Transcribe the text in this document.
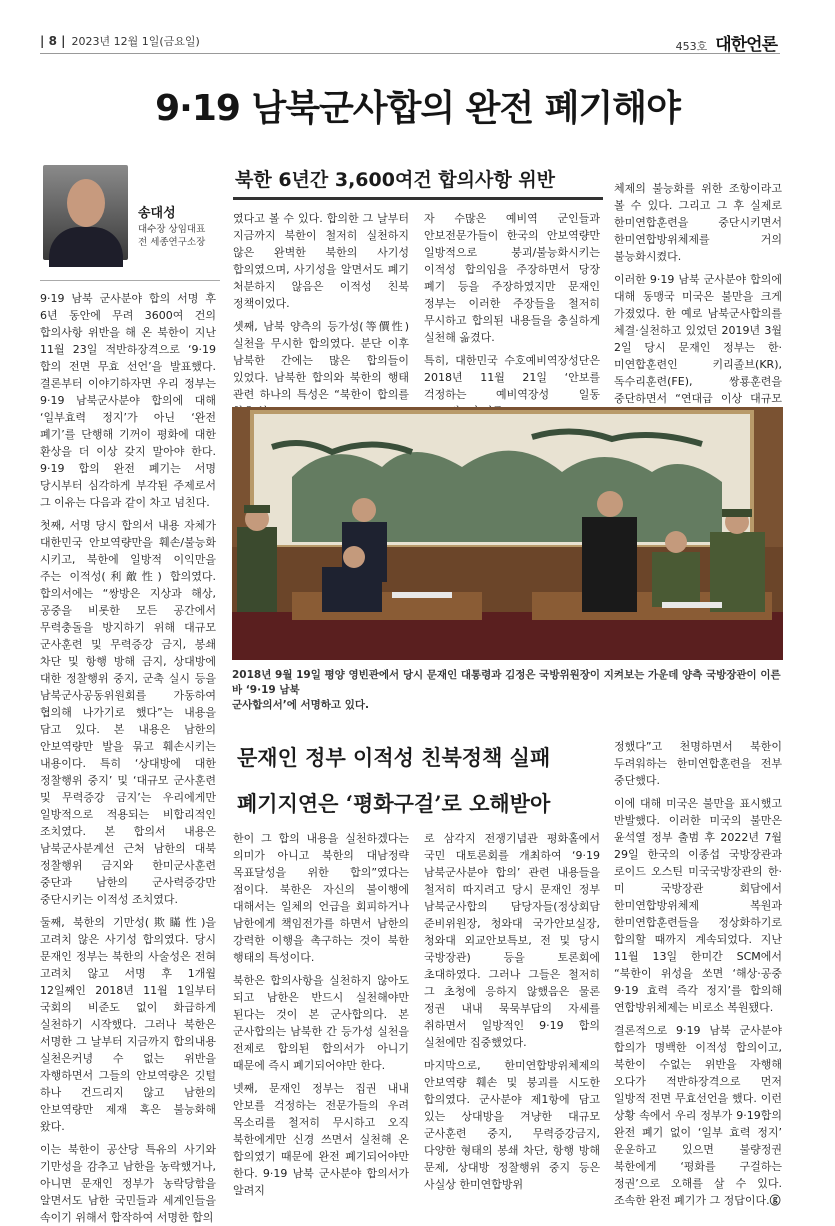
| 8 | 2023년 12월 1일(금요일)	453호 대한언론
9·19 남북군사합의 완전 폐기해야
송대성
대수장 상임대표
전 세종연구소장
북한 6년간 3,600여건 합의사항 위반

9·19 남북 군사분야 합의 서명 후 6년 동안에 무려 3600여 건의 합의사항 위반을 해 온 북한이 지난 11월 23일 적반하장격으로 ‘9·19 합의 전면 무효 선언’을 발표했다. 결론부터 이야기하자면 우리 정부는 9·19 남북군사분야 합의에 대해 ‘일부효력 정지’가 아닌 ‘완전 폐기’를 단행해 기꺼이 평화에 대한 환상을 더 이상 갖지 말아야 한다. 9·19 합의 완전 폐기는 서명 당시부터 심각하게 부각된 주제로서 그 이유는 다음과 같이 차고 넘친다.

첫째, 서명 당시 합의서 내용 자체가 대한민국 안보역량만을 훼손/불능화 시키고, 북한에 일방적 이익만을 주는 이적성(利敵性) 합의였다. 합의서에는 “쌍방은 지상과 해상, 공중을 비롯한 모든 공간에서 무력충돌을 방지하기 위해 대규모 군사훈련 및 무력증강 금지, 봉쇄 차단 및 항행 방해 금지, 상대방에 대한 정찰행위 중지, 군축 실시 등을 남북군사공동위원회를 가동하여 협의해 나가기로 했다”는 내용을 담고 있다. 본 내용은 남한의 안보역량만 발을 묶고 훼손시키는 내용이다. 특히 ‘상대방에 대한 정찰행위 중지’ 및 ‘대규모 군사훈련 및 무력증강 금지’는 우리에게만 일방적으로 적용되는 비합리적인 조치였다. 본 합의서 내용은 남북군사분계선 근처 남한의 대북 정찰행위 금지와 한미군사훈련 중단과 남한의 군사력증강만 중단시키는 이적성 조치였다.

둘째, 북한의 기만성(欺瞞性)을 고려치 않은 사기성 합의였다. 당시 문재인 정부는 북한의 사술성은 전혀 고려치 않고 서명 후 1개월 12일째인 2018년 11월 1일부터 국회의 비준도 없이 화급하게 실천하기 시작했다. 그러나 북한은 서명한 그 날부터 지금까지 합의내용 실천은커녕 수 없는 위반을 자행하면서 그들의 안보역량은 깃털 하나 건드리지 않고 남한의 안보역량만 제재 혹은 불능화해 왔다.

이는 북한이 공산당 특유의 사기와 기만성을 감추고 남한을 농락했거나, 아니면 문재인 정부가 농락당함을 알면서도 남한 국민들과 세계인들을 속이기 위해서 합작하여 서명한 합의

였다고 볼 수 있다. 합의한 그 날부터 지금까지 북한이 철저히 실천하지 않은 완벽한 북한의 사기성 합의였으며, 사기성을 알면서도 폐기 처분하지 않음은 이적성 친북 정책이었다.

셋째, 남북 양측의 등가성(等價性) 실천을 무시한 합의였다. 분단 이후 남북한 간에는 많은 합의들이 있었다. 남북한 합의와 북한의 행태 관련 하나의 특성은 “북한이 합의를

자 수많은 예비역 군인들과 안보전문가들이 한국의 안보역량만 일방적으로 붕괴/불능화시키는 이적성 합의임을 주장하면서 당장 폐기 등을 주장하였지만 문재인 정부는 이러한 주장들을 철저히 무시하고 합의된 내용들을 충실하게 실천해 옮겼다.

특히, 대한민국 수호예비역장성단은 2018년 11월 21일 ‘안보를 걱정하는 예비역장성 일동

체제의 불능화를 위한 조항이라고 볼 수 있다. 그리고 그 후 실제로 한미연합훈련을 중단시키면서 한미연합방위체제를 거의 불능화시켰다.

이러한 9·19 남북 군사분야 합의에 대해 동맹국 미국은 불만을 크게 가졌었다. 한 예로 남북군사합의를 체결·실천하고 있었던 2019년 3월 2일 당시 문재인 정부는 한·미연합훈련인 키리졸브(KR), 독수리훈련(FE), 쌍룡훈련을 중단하면서 “연대급 이상 대규모

2018년 9월 19일 평양 영빈관에서 당시 문재인 대통령과 김정은 국방위원장이 지켜보는 가운데 양측 국방장관이 이른바 ‘9·19 남북
군사합의서’에 서명하고 있다.
문재인 정부 이적성 친북정책 실패
폐기지연은 ‘평화구걸’로 오해받아

한이 그 합의 내용을 실천하겠다는 의미가 아니고 북한의 대남정략 목표달성을 위한 합의”였다는 점이다. 북한은 자신의 불이행에 대해서는 일체의 언급을 회피하거나 남한에게 책임전가를 하면서 남한의 강력한 이행을 촉구하는 것이 북한 행태의 특성이다.

북한은 합의사항을 실천하지 않아도 되고 남한은 반드시 실천해야만 된다는 것이 본 군사합의다. 본 군사합의는 남북한 간 등가성 실천을 전제로 합의된 합의서가 아니기 때문에 즉시 폐기되어야만 한다.

넷째, 문재인 정부는 집권 내내 안보를 걱정하는 전문가들의 우려 목소리를 철저히 무시하고 오직 북한에게만 신경 쓰면서 실천해 온 합의였기 때문에 완전 폐기되어야만 한다. 9·19 남북 군사분야 합의서가 알려지

로 삼각지 전쟁기념관 평화홀에서 국민 대토론회를 개최하여 ‘9·19 남북군사분야 합의’ 관련 내용들을 철저히 따지려고 당시 문재인 정부 남북군사합의 담당자들(정상회담 준비위원장, 청와대 국가안보실장, 청와대 외교안보특보, 전 및 당시 국방장관) 등을 토론회에 초대하였다. 그러나 그들은 철저히 그 초청에 응하지 않했음은 물론 정권 내내 묵묵부답의 자세를 취하면서 일방적인 9·19 합의 실천에만 집중했었다.

마지막으로, 한미연합방위체제의 안보역량 훼손 및 붕괴를 시도한 합의였다. 군사분야 제1항에 담고 있는 상대방을 겨냥한 대규모 군사훈련 중지, 무력증강금지, 다양한 형태의 봉쇄 차단, 항행 방해 문제, 상대방 정찰행위 중지 등은 사실상 한미연합방위

정했다”고 천명하면서 북한이 두려워하는 한미연합훈련을 전부 중단했다.

이에 대해 미국은 불만을 표시했고 반발했다. 이러한 미국의 불만은 윤석열 정부 출범 후 2022년 7월 29일 한국의 이종섭 국방장관과 로이드 오스틴 미국국방장관의 한·미 국방장관 회담에서 한미연합방위체제 복원과 한미연합훈련들을 정상화하기로 합의할 때까지 계속되었다. 지난 11월 13일 한미간 SCM에서 “북한이 위성을 쏘면 ‘해상·공중 9·19 효력 즉각 정지’를 합의해 연합방위체제는 비로소 복원됐다.

결론적으로 9·19 남북 군사분야 합의가 명백한 이적성 합의이고, 북한이 수없는 위반을 자행해 오다가 적반하장격으로 먼저 일방적 전면 무효선언을 했다. 이런 상황 속에서 우리 정부가 9·19합의 완전 폐기 없이 ‘일부 효력 정지’ 운운하고 있으면 불량정권 북한에게 ‘평화를 구걸하는 정권’으로 오해를 살 수 있다. 조속한 완전 폐기가 그 정답이다.ⓖ
